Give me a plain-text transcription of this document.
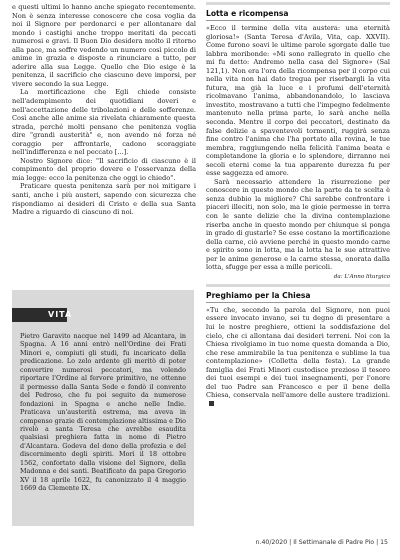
e questi ultimi lo hanno anche spiegato recentemente. Non è senza interesse conoscere che cosa voglia da noi il Signore per perdonarci e per allontanare dal mondo i castighi anche troppo meritati da peccati numerosi e gravi. Il Buon Dio desidera molto il ritorno alla pace, ma soffre vedendo un numero così piccolo di anime in grazia e disposte a rinunciare a tutto, per aderire alla sua Legge. Quello che Dio esige è la penitenza, il sacrificio che ciascuno deve imporsi, per vivere secondo la sua Legge.

La mortificazione che Egli chiede consiste nell'adempimento dei quotidiani doveri e nell'accettazione delle tribolazioni e delle sofferenze. Così anche alle anime sia rivelata chiaramente questa strada, perché molti pensano che penitenza voglia dire "grandi austerità" e, non avendo né forza né coraggio per affrontarle, cadono scoraggiate nell'indifferenza e nel peccato [...].

Nostro Signore dice: "Il sacrificio di ciascuno è il compimento del proprio dovere e l'osservanza della mia legge: ecco la penitenza che oggi io chiedo".

Praticare questa penitenza sarà per noi mitigare i santi, anche i più austeri, sapendo con sicurezza che rispondiamo ai desideri di Cristo e della sua Santa Madre a riguardo di ciascuno di noi.

VITA

Pietro Garavito nacque nel 1499 ad Alcantara, in Spagna. A 16 anni entrò nell'Ordine dei Frati Minori e, compiuti gli studi, fu incaricato della predicazione. Lo zelo ardente gli meritò di poter convertire numerosi peccatori, ma volendo riportare l'Ordine al fervore primitivo, ne ottenne il permesso dalla Santa Sede e fondò il convento del Pedroso, che fu poi seguito da numerose fondazioni in Spagna e anche nelle Indie. Praticava un'austerità estrema, ma aveva in compenso grazie di contemplazione altissima e Dio rivelò a santa Teresa che avrebbe esaudita qualsiasi preghiera fatta in nome di Pietro d'Alcantara. Godeva del dono della profezia e del discernimento degli spiriti. Morì il 18 ottobre 1562, confortato dalla visione del Signore, della Madonna e dei santi. Beatificato da papa Gregorio XV il 18 aprile 1622, fu canonizzato il 4 maggio 1669 da Clemente IX.

Lotta e ricompensa

«Ecco il termine della vita austera: una eternità gloriosa!» (Santa Teresa d'Avila, Vita, cap. XXVII). Come furono soavi le ultime parole sgorgate dalle tue labbra moribonde: «Mi sono rallegrato in quello che mi fu detto: Andremo nella casa del Signore» (Sal 121,1). Non era l'ora della ricompensa per il corpo cui nella vita non hai dato tregua per riserbargli la vita futura, ma già la luce e i profumi dell'eternità ricolmavano l'anima, abbandonandolo, lo lasciava investito, mostravano a tutti che l'impegno fedelmente mantenuto nella prima parte, lo sarà anche nella seconda. Mentre il corpo dei peccatori, destinato da false delizie a spaventevoli tormenti, ruggirà senza fine contro l'anima che l'ha portato alla rovina, le tue membra, raggiungendo nella felicità l'anima beata e completandone la gloria e lo splendore, dirranno nei secoli eterni come la tua apparente durezza fu per esse saggezza ed amore.

Sarà necessario attendere la risurrezione per conoscere in questo mondo che la parte da te scelta è senza dubbio la migliore? Chi sarebbe confrontare i piaceri illeciti, non solo, ma le gioie permesse in terra con le sante delizie che la divina contemplazione riserba anche in questo mondo per chiunque si ponga in grado di gustarle? Se esse costano la mortificazione della carne, ciò avviene perché in questo mondo carne e spirito sono in lotta, ma la lotta ha le sue attrattive per le anime generose e la carne stessa, onorata dalla lotta, sfugge per essa a mille pericoli.

da: L'Anno liturgico

Preghiamo per la Chiesa

«Tu che, secondo la parola del Signore, non puoi essere invocato invano, sei tu degno di presentare a lui le nostre preghiere, ottieni la soddisfazione del cielo, che ci allontana dai desideri terreni. Noi con la Chiesa rivolgiamo in tuo nome questa domanda a Dio, che rese ammirabile la tua penitenza e sublime la tua contemplazione» (Colletta della festa). La grande famiglia dei Frati Minori custodisce prezioso il tesoro dei tuoi esempi e dei tuoi insegnamenti, per l'onore del tuo Padre san Francesco e per il bene della Chiesa, conservala nell'amore delle austere tradizioni.

n.40/2020 | Il Settimanale di Padre Pio | 15
